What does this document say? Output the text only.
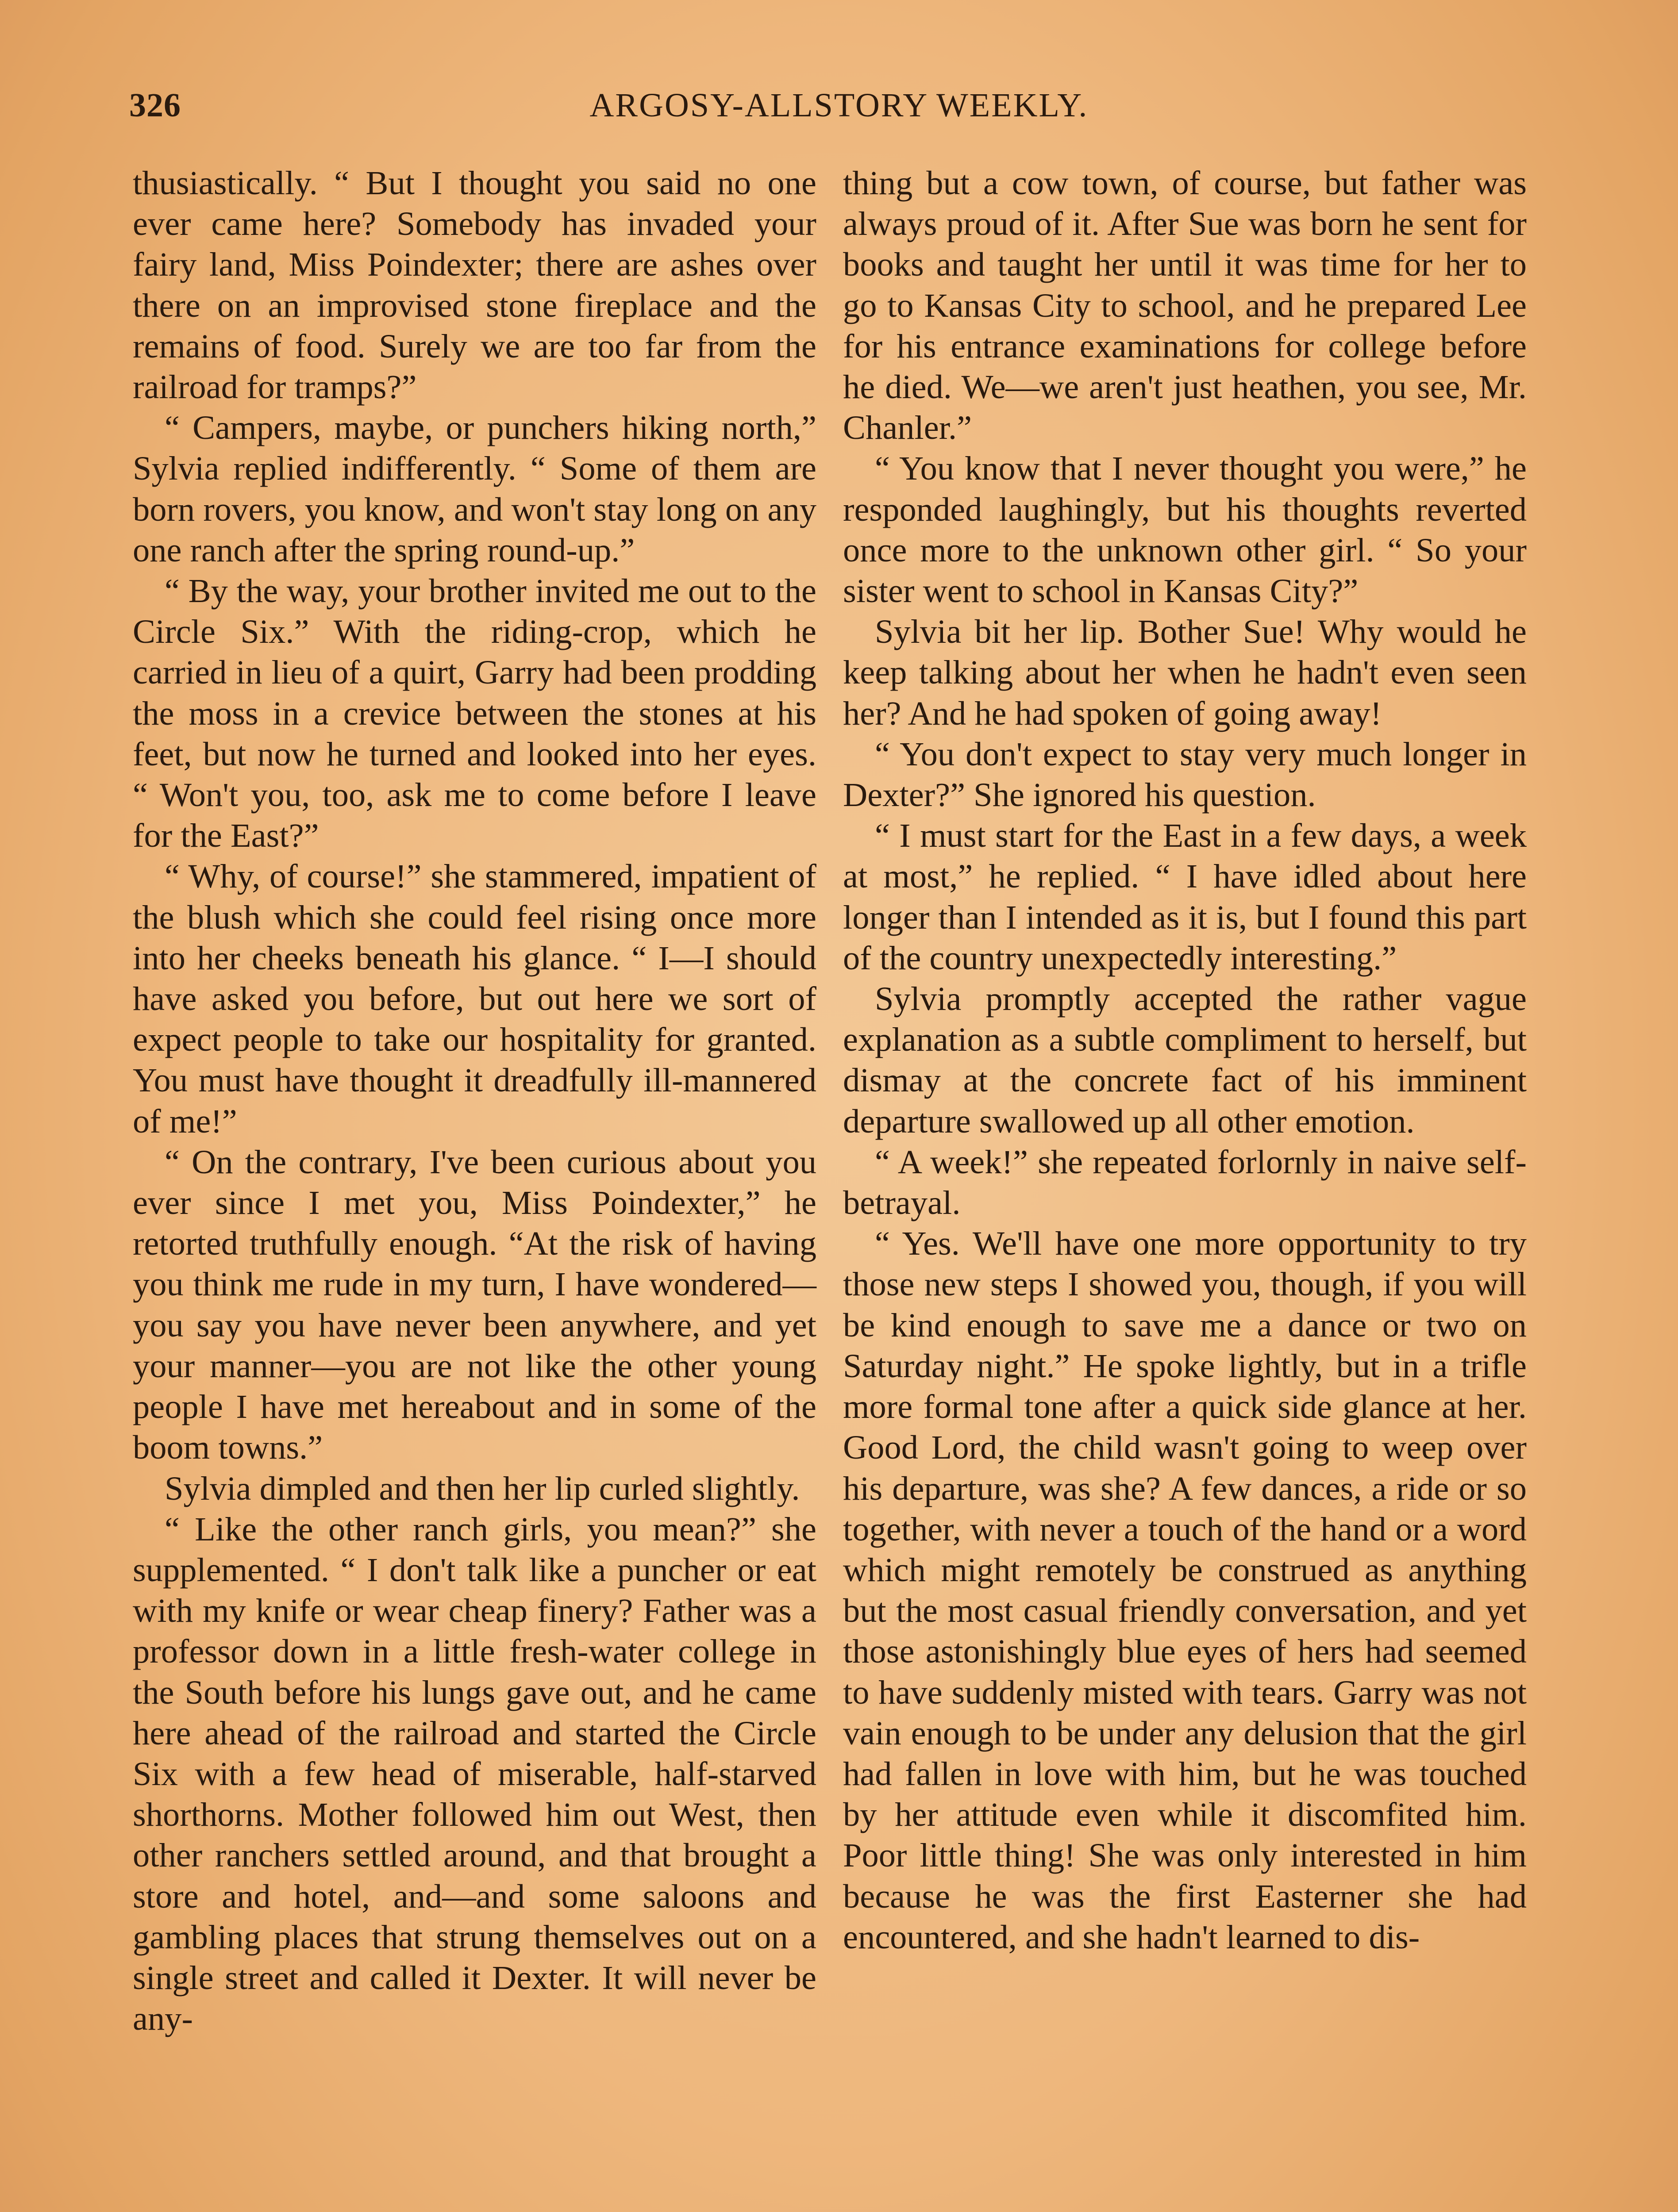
326	ARGOSY-ALLSTORY WEEKLY.

thusiastically. “ But I thought you said no one ever came here? Somebody has invaded your fairy land, Miss Poindexter; there are ashes over there on an improvised stone fireplace and the remains of food. Surely we are too far from the railroad for tramps?”

“ Campers, maybe, or punchers hiking north,” Sylvia replied indifferently. “ Some of them are born rovers, you know, and won't stay long on any one ranch after the spring round-up.”

“ By the way, your brother invited me out to the Circle Six.” With the riding-crop, which he carried in lieu of a quirt, Garry had been prodding the moss in a crevice between the stones at his feet, but now he turned and looked into her eyes. “ Won't you, too, ask me to come before I leave for the East?”

“ Why, of course!” she stammered, impatient of the blush which she could feel rising once more into her cheeks beneath his glance. “ I—I should have asked you before, but out here we sort of expect people to take our hospitality for granted. You must have thought it dreadfully ill-mannered of me!”

“ On the contrary, I've been curious about you ever since I met you, Miss Poindexter,” he retorted truthfully enough. “At the risk of having you think me rude in my turn, I have wondered—you say you have never been anywhere, and yet your manner—you are not like the other young people I have met hereabout and in some of the boom towns.”

Sylvia dimpled and then her lip curled slightly.

“ Like the other ranch girls, you mean?” she supplemented. “ I don't talk like a puncher or eat with my knife or wear cheap finery? Father was a professor down in a little fresh-water college in the South before his lungs gave out, and he came here ahead of the railroad and started the Circle Six with a few head of miserable, half-starved shorthorns. Mother followed him out West, then other ranchers settled around, and that brought a store and hotel, and—and some saloons and gambling places that strung themselves out on a single street and called it Dexter. It will never be any-

thing but a cow town, of course, but father was always proud of it. After Sue was born he sent for books and taught her until it was time for her to go to Kansas City to school, and he prepared Lee for his entrance examinations for college before he died. We—we aren't just heathen, you see, Mr. Chanler.”

“ You know that I never thought you were,” he responded laughingly, but his thoughts reverted once more to the unknown other girl. “ So your sister went to school in Kansas City?”

Sylvia bit her lip. Bother Sue! Why would he keep talking about her when he hadn't even seen her? And he had spoken of going away!

“ You don't expect to stay very much longer in Dexter?” She ignored his question.

“ I must start for the East in a few days, a week at most,” he replied. “ I have idled about here longer than I intended as it is, but I found this part of the country unexpectedly interesting.”

Sylvia promptly accepted the rather vague explanation as a subtle compliment to herself, but dismay at the concrete fact of his imminent departure swallowed up all other emotion.

“ A week!” she repeated forlornly in naive self-betrayal.

“ Yes. We'll have one more opportunity to try those new steps I showed you, though, if you will be kind enough to save me a dance or two on Saturday night.” He spoke lightly, but in a trifle more formal tone after a quick side glance at her. Good Lord, the child wasn't going to weep over his departure, was she? A few dances, a ride or so together, with never a touch of the hand or a word which might remotely be construed as anything but the most casual friendly conversation, and yet those astonishingly blue eyes of hers had seemed to have suddenly misted with tears. Garry was not vain enough to be under any delusion that the girl had fallen in love with him, but he was touched by her attitude even while it discomfited him. Poor little thing! She was only interested in him because he was the first Easterner she had encountered, and she hadn't learned to dis-
